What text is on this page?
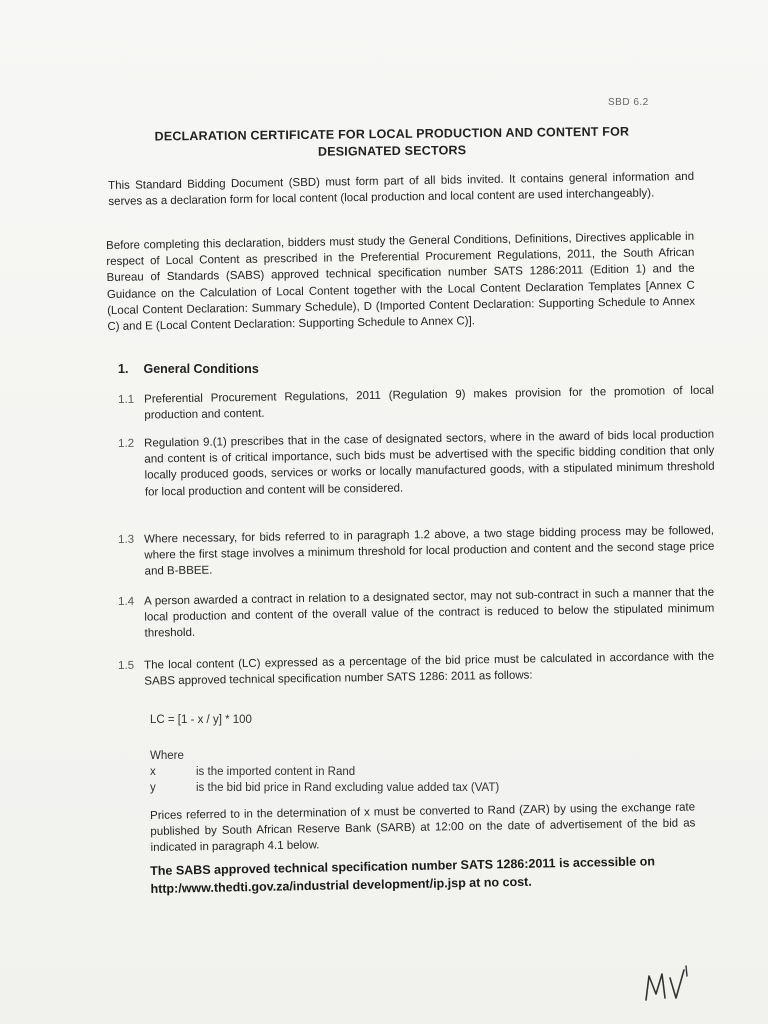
SBD 6.2
DECLARATION CERTIFICATE FOR LOCAL PRODUCTION AND CONTENT FOR DESIGNATED SECTORS
This Standard Bidding Document (SBD) must form part of all bids invited. It contains general information and serves as a declaration form for local content (local production and local content are used interchangeably).
Before completing this declaration, bidders must study the General Conditions, Definitions, Directives applicable in respect of Local Content as prescribed in the Preferential Procurement Regulations, 2011, the South African Bureau of Standards (SABS) approved technical specification number SATS 1286:2011 (Edition 1) and the Guidance on the Calculation of Local Content together with the Local Content Declaration Templates [Annex C (Local Content Declaration: Summary Schedule), D (Imported Content Declaration: Supporting Schedule to Annex C) and E (Local Content Declaration: Supporting Schedule to Annex C)].
1. General Conditions
1.1 Preferential Procurement Regulations, 2011 (Regulation 9) makes provision for the promotion of local production and content.
1.2 Regulation 9.(1) prescribes that in the case of designated sectors, where in the award of bids local production and content is of critical importance, such bids must be advertised with the specific bidding condition that only locally produced goods, services or works or locally manufactured goods, with a stipulated minimum threshold for local production and content will be considered.
1.3 Where necessary, for bids referred to in paragraph 1.2 above, a two stage bidding process may be followed, where the first stage involves a minimum threshold for local production and content and the second stage price and B-BBEE.
1.4 A person awarded a contract in relation to a designated sector, may not sub-contract in such a manner that the local production and content of the overall value of the contract is reduced to below the stipulated minimum threshold.
1.5 The local content (LC) expressed as a percentage of the bid price must be calculated in accordance with the SABS approved technical specification number SATS 1286: 2011 as follows:
LC = [1 - x / y] * 100
Where
x	is the imported content in Rand
y	is the bid bid price in Rand excluding value added tax (VAT)
Prices referred to in the determination of x must be converted to Rand (ZAR) by using the exchange rate published by South African Reserve Bank (SARB) at 12:00 on the date of advertisement of the bid as indicated in paragraph 4.1 below.
The SABS approved technical specification number SATS 1286:2011 is accessible on http:/www.thedti.gov.za/industrial development/ip.jsp at no cost.
